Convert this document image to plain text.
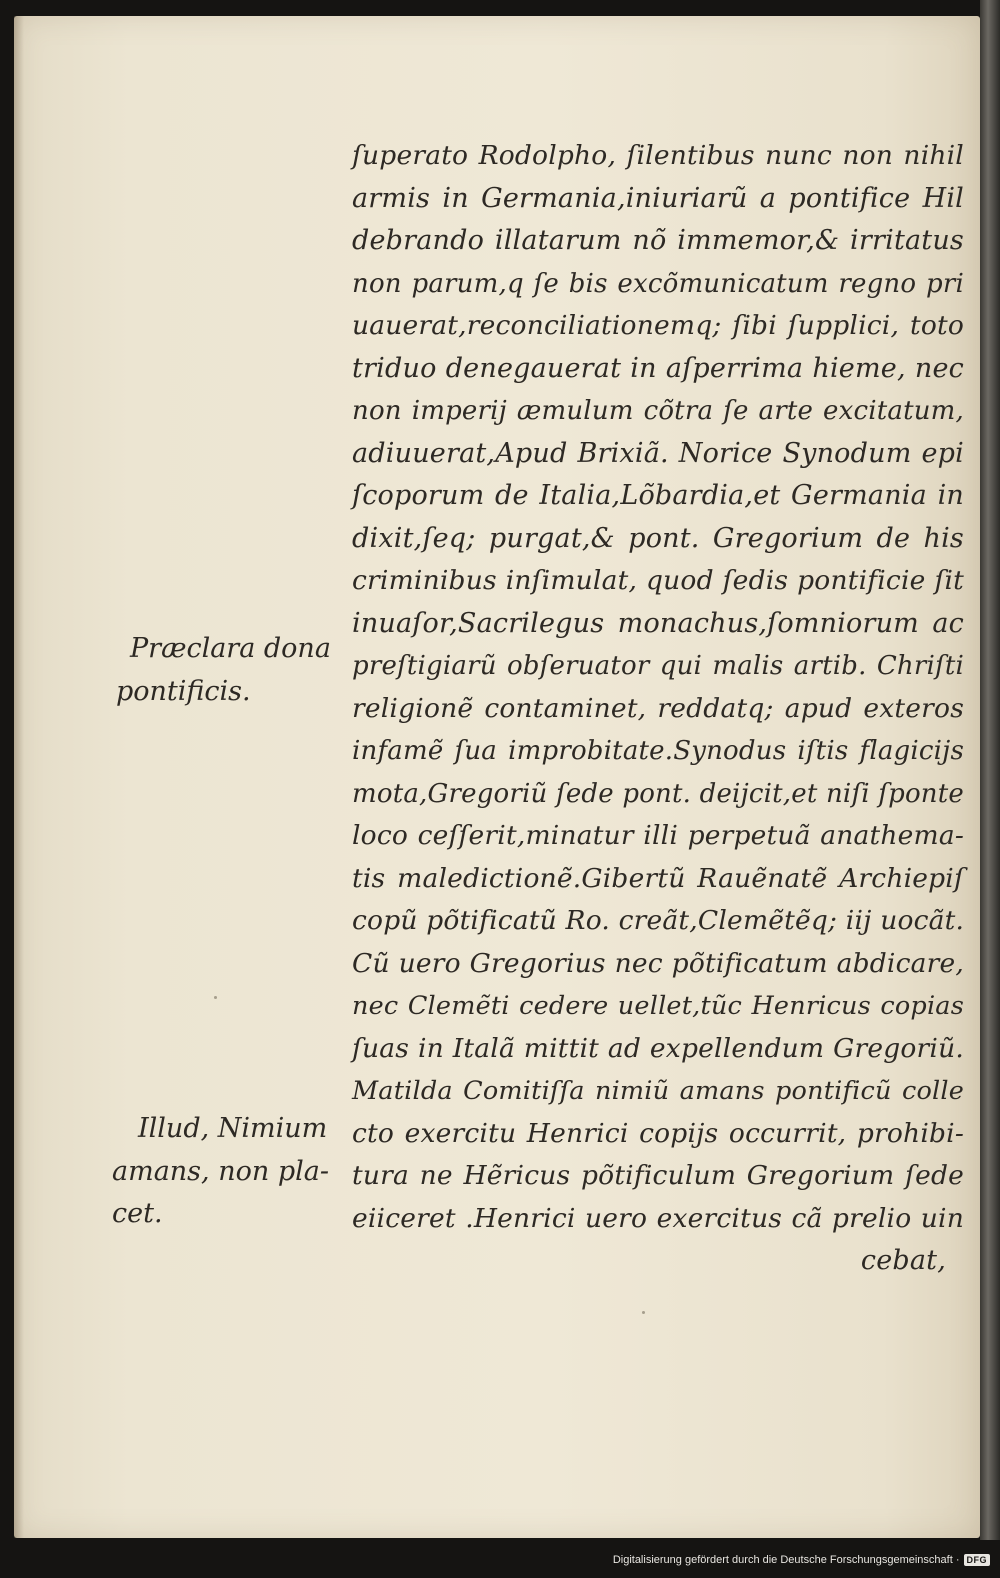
ſuperato Rodolpho, ſilentibus nunc non nihil
armis in Germania,iniuriarũ a pontifice Hil
debrando illatarum nõ immemor,& irritatus
non parum,q ſe bis excõmunicatum regno pri
uauerat,reconciliationemq; ſibi ſupplici, toto
triduo denegauerat in aſperrima hieme, nec
non imperij æmulum cõtra ſe arte excitatum,
adiuuerat,Apud Brixiã. Norice Synodum epi
ſcoporum de Italia,Lõbardia,et Germania in
dixit,ſeq; purgat,& pont. Gregorium de his
criminibus inſimulat, quod ſedis pontificie ſit
inuaſor,Sacrilegus monachus,ſomniorum ac
preſtigiarũ obſeruator qui malis artib. Chriſti
religionẽ contaminet, reddatq; apud exteros
infamẽ ſua improbitate.Synodus iſtis flagicijs
mota,Gregoriũ ſede pont. deijcit,et niſi ſponte
loco ceſſerit,minatur illi perpetuã anathema-
tis maledictionẽ.Gibertũ Rauẽnatẽ Archiepiſ
copũ põtificatũ Ro. creãt,Clemẽtẽq; iij uocãt.
Cũ uero Gregorius nec põtificatum abdicare,
nec Clemẽti cedere uellet,tũc Henricus copias
ſuas in Italã mittit ad expellendum Gregoriũ.
Matilda Comitiſſa nimiũ amans pontificũ colle
cto exercitu Henrici copijs occurrit, prohibi-
tura ne Hẽricus põtificulum Gregorium ſede
eiiceret .Henrici uero exercitus cã prelio uin
cebat,
Præclara dona
pontificis.
Illud, Nimium
amans, non pla-
cet.
Digitalisierung gefördert durch die Deutsche Forschungsgemeinschaft · DFG
